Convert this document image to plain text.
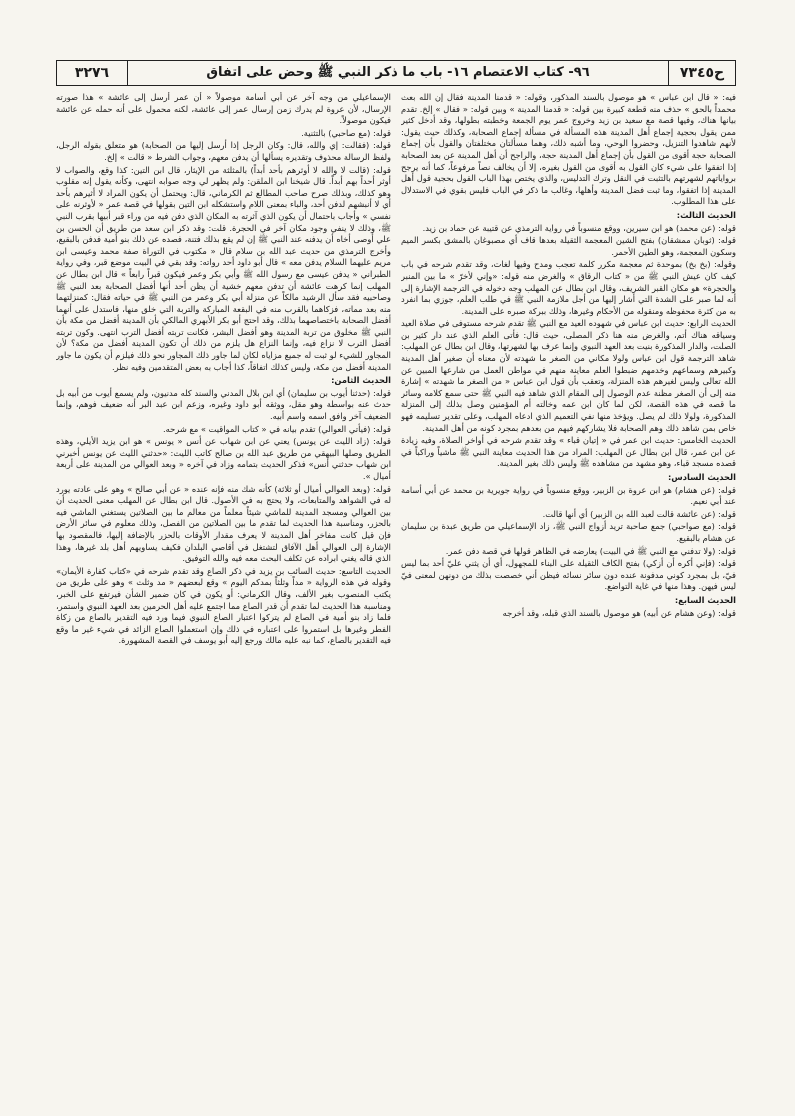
ح٧٣٤٥
٩٦- كتاب الاعتصام ١٦- باب ما ذكر النبي ﷺ وحض على اتفاق
٣٢٧٦

فيه: « قال ابن عباس » هو موصول بالسند المذكور، وقوله: « قدمنا المدينة فقال إن الله بعث محمداً بالحق » حذف منه قطعة كبيرة بين قوله: « قدمنا المدينة » وبين قوله: « فقال » إلخ. تقدم بيانها هناك، وفيها قصة مع سعيد بن زيد وخروج عمر يوم الجمعة وخطبته بطولها، وقد أدخل كثير ممن يقول بحجية إجماع أهل المدينة هذه المسألة في مسألة إجماع الصحابة، وكذلك حيث يقول: لأنهم شاهدوا التنزيل، وحضروا الوحي، وما أشبه ذلك، وهما مسألتان مختلفتان والقول بأن إجماع الصحابة حجة أقوى من القول بأن إجماع أهل المدينة حجة، والراجح أن أهل المدينة عن بعد الصحابة إذا اتفقوا على شيء كان القول به أقوى من القول بغيره، إلا أن يخالف نصاً مرفوعاً، كما أنه يرجح برواياتهم لشهرتهم بالتثبت في النقل وترك التدليس، والذي يختص بهذا الباب القول بحجية قول أهل المدينة إذا اتفقوا، وما ثبت فضل المدينة وأهلها، وغالب ما ذكر في الباب فليس بقوي في الاستدلال على هذا المطلوب.

الحديث الثالث:

قوله: (عن محمد) هو ابن سيرين، ووقع منسوباً في رواية الترمذي عن قتيبة عن حماد بن زيد.

قوله: (ثوبان ممشقان) بفتح الشين المعجمة الثقيلة بعدها قاف أي مصبوغان بالمشق بكسر الميم وسكون المعجمة، وهو الطين الأحمر.

وقوله: (بخ بخ) بموحدة ثم معجمة مكرر كلمة تعجب ومدح وفيها لغات، وقد تقدم شرحه في باب كيف كان عيش النبي ﷺ من « كتاب الرقاق » والغرض منه قوله: «وإني لأخرّ » ما بين المنبر والحجرة» هو مكان القبر الشريف، وقال ابن بطال عن المهلب وجه دخوله في الترجمة الإشارة إلى أنه لما صبر على الشدة التي أشار إليها من أجل ملازمة النبي ﷺ في طلب العلم، جوزي بما انفرد به من كثرة محفوظه ومنقوله من الأحكام وغيرها، وذلك ببركة صبره على المدينة.

الحديث الرابع: حديث ابن عباس في شهوده العيد مع النبي ﷺ تقدم شرحه مستوفى في صلاة العيد وسياقه هناك أتم، والغرض منه هنا ذكر المصلى، حيث قال: فأتى العلم الذي عند دار كثير بن الصلت، والدار المذكورة بنيت بعد العهد النبوي وإنما عرف بها لشهرتها، وقال ابن بطال عن المهلب: شاهد الترجمة قول ابن عباس ولولا مكاني من الصغر ما شهدته لأن معناه أن صغير أهل المدينة وكبيرهم وسماعهم وخدمهم ضبطوا العلم معاينة منهم في مواطن العمل من شارعها المبين عن الله تعالى وليس لغيرهم هذه المنزلة، وتعقب بأن قول ابن عباس « من الصغر ما شهدته » إشارة منه إلى أن الصغر مظنة عدم الوصول إلى المقام الذي شاهد فيه النبي ﷺ حتى سمع كلامه وسائر ما قصه في هذه القصة، لكن لما كان ابن عمه وخالته أم المؤمنين وصل بذلك إلى المنزلة المذكورة، ولولا ذلك لم يصل. ويؤخذ منها نفي التعميم الذي ادعاه المهلب، وعلى تقدير تسليمه فهو خاص بمن شاهد ذلك وهم الصحابة فلا يشاركهم فيهم من بعدهم بمجرد كونه من أهل المدينة.

الحديث الخامس: حديث ابن عمر في « إتيان قباء » وقد تقدم شرحه في أواخر الصلاة، وفيه زيادة عن ابن عمر، قال ابن بطال عن المهلب: المراد من هذا الحديث معاينة النبي ﷺ ماشياً وراكباً في قصده مسجد قباء، وهو مشهد من مشاهده ﷺ وليس ذلك بغير المدينة.

الحديث السادس:

قوله: (عن هشام) هو ابن عروة بن الزبير، ووقع منسوباً في رواية جويرية بن محمد عن أبي أسامة عند أبي نعيم.

قوله: (عن عائشة قالت لعبد الله بن الزبير) أي أنها قالت.

قوله: (مع صواحبي) جمع صاحبة تريد أزواج النبي ﷺ، زاد الإسماعيلي من طريق عبدة بن سليمان عن هشام بالبقيع.

قوله: (ولا تدفني مع النبي ﷺ في البيت) يعارضه في الظاهر قولها في قصة دفن عمر.

قوله: (فإني أكره أن أزكي) بفتح الكاف الثقيلة على البناء للمجهول، أي أن يثني عليّ أحد بما ليس فيّ، بل بمجرد كوني مدفونة عنده دون سائر نسائه فيظن أني خصصت بذلك من دونهن لمعنى فيّ ليس فيهن. وهذا منها في غاية التواضع.

الحديث السابع:

قوله: (وعن هشام عن أبيه) هو موصول بالسند الذي قبله، وقد أخرجه

الإسماعيلي من وجه آخر عن أبي أسامة موصولاً « أن عمر أرسل إلى عائشة » هذا صورته الإرسال، لأن عروة لم يدرك زمن إرسال عمر إلى عائشة، لكنه محمول على أنه حمله عن عائشة فيكون موصولاً.

قوله: (مع صاحبي) بالتثنية.

قوله: (فقالت: إي والله، قال: وكان الرجل إذا أرسل إليها من الصحابة) هو متعلق بقوله الرجل، ولفظ الرسالة محذوف وتقديره يسألها أن يدفن معهم، وجواب الشرط « قالت » إلخ.

قوله: (قالت لا والله لا أوثرهم بأحد أبداً) بالمثلثة من الإيثار، قال ابن التين: كذا وقع، والصواب لا أوثر أحداً بهم أبداً. قال شيخنا ابن الملقن: ولم يظهر لي وجه صوابه انتهى، وكأنه يقول إنه مقلوب وهو كذلك، وبذلك صرح صاحب المطالع ثم الكرماني، قال: ويحتمل أن يكون المراد لا أثيرهم بأحد أي لا أنبشهم لدفن أحد، والباء بمعنى اللام واستشكله ابن التين بقولها في قصة عمر « لأوثرنه على نفسي » وأجاب باحتمال أن يكون الذي آثرته به المكان الذي دفن فيه من وراء قبر أبيها بقرب النبي ﷺ، وذلك لا ينفي وجود مكان آخر في الحجرة. قلت: وقد ذكر ابن سعد من طريق أن الحسن بن علي أوصى أخاه أن يدفنه عند النبي ﷺ إن لم يقع بذلك فتنة، فصده عن ذلك بنو أمية فدفن بالبقيع، وأخرج الترمذي من حديث عبد الله بن سلام قال « مكتوب في التوراة صفة محمد وعيسى ابن مريم عليهما السلام يدفن معه » قال أبو داود أحد رواته: وقد بقي في البيت موضع قبر، وفي رواية الطبراني « يدفن عيسى مع رسول الله ﷺ وأبي بكر وعمر فيكون قبراً رابعاً » قال ابن بطال عن المهلب إنما كرهت عائشة أن تدفن معهم خشية أن يظن أحد أنها أفضل الصحابة بعد النبي ﷺ وصاحبيه فقد سأل الرشيد مالكاً عن منزلة أبي بكر وعمر من النبي ﷺ في حياته فقال: كمنزلتهما منه بعد مماته، فزكاهما بالقرب منه في البقعة المباركة والتربة التي خلق منها، فاستدل على أنهما أفضل الصحابة باختصاصهما بذلك، وقد احتج أبو بكر الأبهري المالكي بأن المدينة أفضل من مكة بأن النبي ﷺ مخلوق من تربة المدينة وهو أفضل البشر، فكانت تربته أفضل الترب انتهى. وكون تربته أفضل الترب لا نزاع فيه، وإنما النزاع هل يلزم من ذلك أن تكون المدينة أفضل من مكة؟ لأن المجاور للشيء لو ثبت له جميع مزاياه لكان لما جاور ذلك المجاور نحو ذلك فيلزم أن يكون ما جاور المدينة أفضل من مكة، وليس كذلك اتفاقاً، كذا أجاب به بعض المتقدمين وفيه نظر.

الحديث الثامن:

قوله: (حدثنا أيوب بن سليمان) أي ابن بلال المدني والسند كله مدنيون، ولم يسمع أيوب من أبيه بل حدث عنه بواسطة وهو مقل، ووثقه أبو داود وغيره، وزعم ابن عبد البر أنه ضعيف فوهم، وإنما الضعيف آخر وافق اسمه واسم أبيه.

قوله: (فيأتي العوالي) تقدم بيانه في « كتاب المواقيت » مع شرحه.

قوله: (زاد الليث عن يونس) يعني عن ابن شهاب عن أنس « يونس » هو ابن يزيد الأيلي، وهذه الطريق وصلها البيهقي من طريق عبد الله بن صالح كاتب الليث: «حدثني الليث عن يونس أخبرني ابن شهاب حدثني أنس» فذكر الحديث بتمامه وزاد في آخره « وبعد العوالي من المدينة على أربعة أميال ».

قوله: (وبعد العوالي أميال أو ثلاثة) كأنه شك منه فإنه عنده « عن أبي صالح » وهو على عادته يورد له في الشواهد والمتابعات، ولا يحتج به في الأصول. قال ابن بطال عن المهلب معنى الحديث أن بين العوالي ومسجد المدينة للماشي شيئاً معلماً من معالم ما بين الصلاتين يستغني الماشي فيه بالحزر، ومناسبة هذا الحديث لما تقدم ما بين الصلاتين من الفصل، وذلك معلوم في سائر الأرض فإن قيل كانت مفاخر أهل المدينة لا يعرف مقدار الأوقات بالحزر بالإضافة إليها، فالمقصود بها الإشارة إلى العوالي أهل الآفاق لتشتغل في أقاصي البلدان فكيف يساويهم أهل بلد غيرها، وهذا الذي قاله يغني ابراده عن تكلف البحث معه فيه والله التوفيق.

الحديث التاسع: حديث السائب بن يزيد في ذكر الصاع وقد تقدم شرحه في «كتاب كفارة الأيمان» وقوله في هذه الرواية « مداً وثلثاً بمدكم اليوم » وقع لبعضهم « مد وثلث » وهو على طريق من يكتب المنصوب بغير الألف، وقال الكرماني: أو يكون في كان ضمير الشأن فيرتفع على الخبر، ومناسبة هذا الحديث لما تقدم أن قدر الصاع مما اجتمع عليه أهل الحرمين بعد العهد النبوي واستمر، فلما زاد بنو أمية في الصاع لم يتركوا اعتبار الصاع النبوي فيما ورد فيه التقدير بالصاع من زكاة الفطر وغيرها بل استمروا على اعتباره في ذلك وإن استعملوا الصاع الزائد في شيء غير ما وقع فيه التقدير بالصاع، كما نبه عليه مالك ورجع إليه أبو يوسف في القصة المشهورة.
